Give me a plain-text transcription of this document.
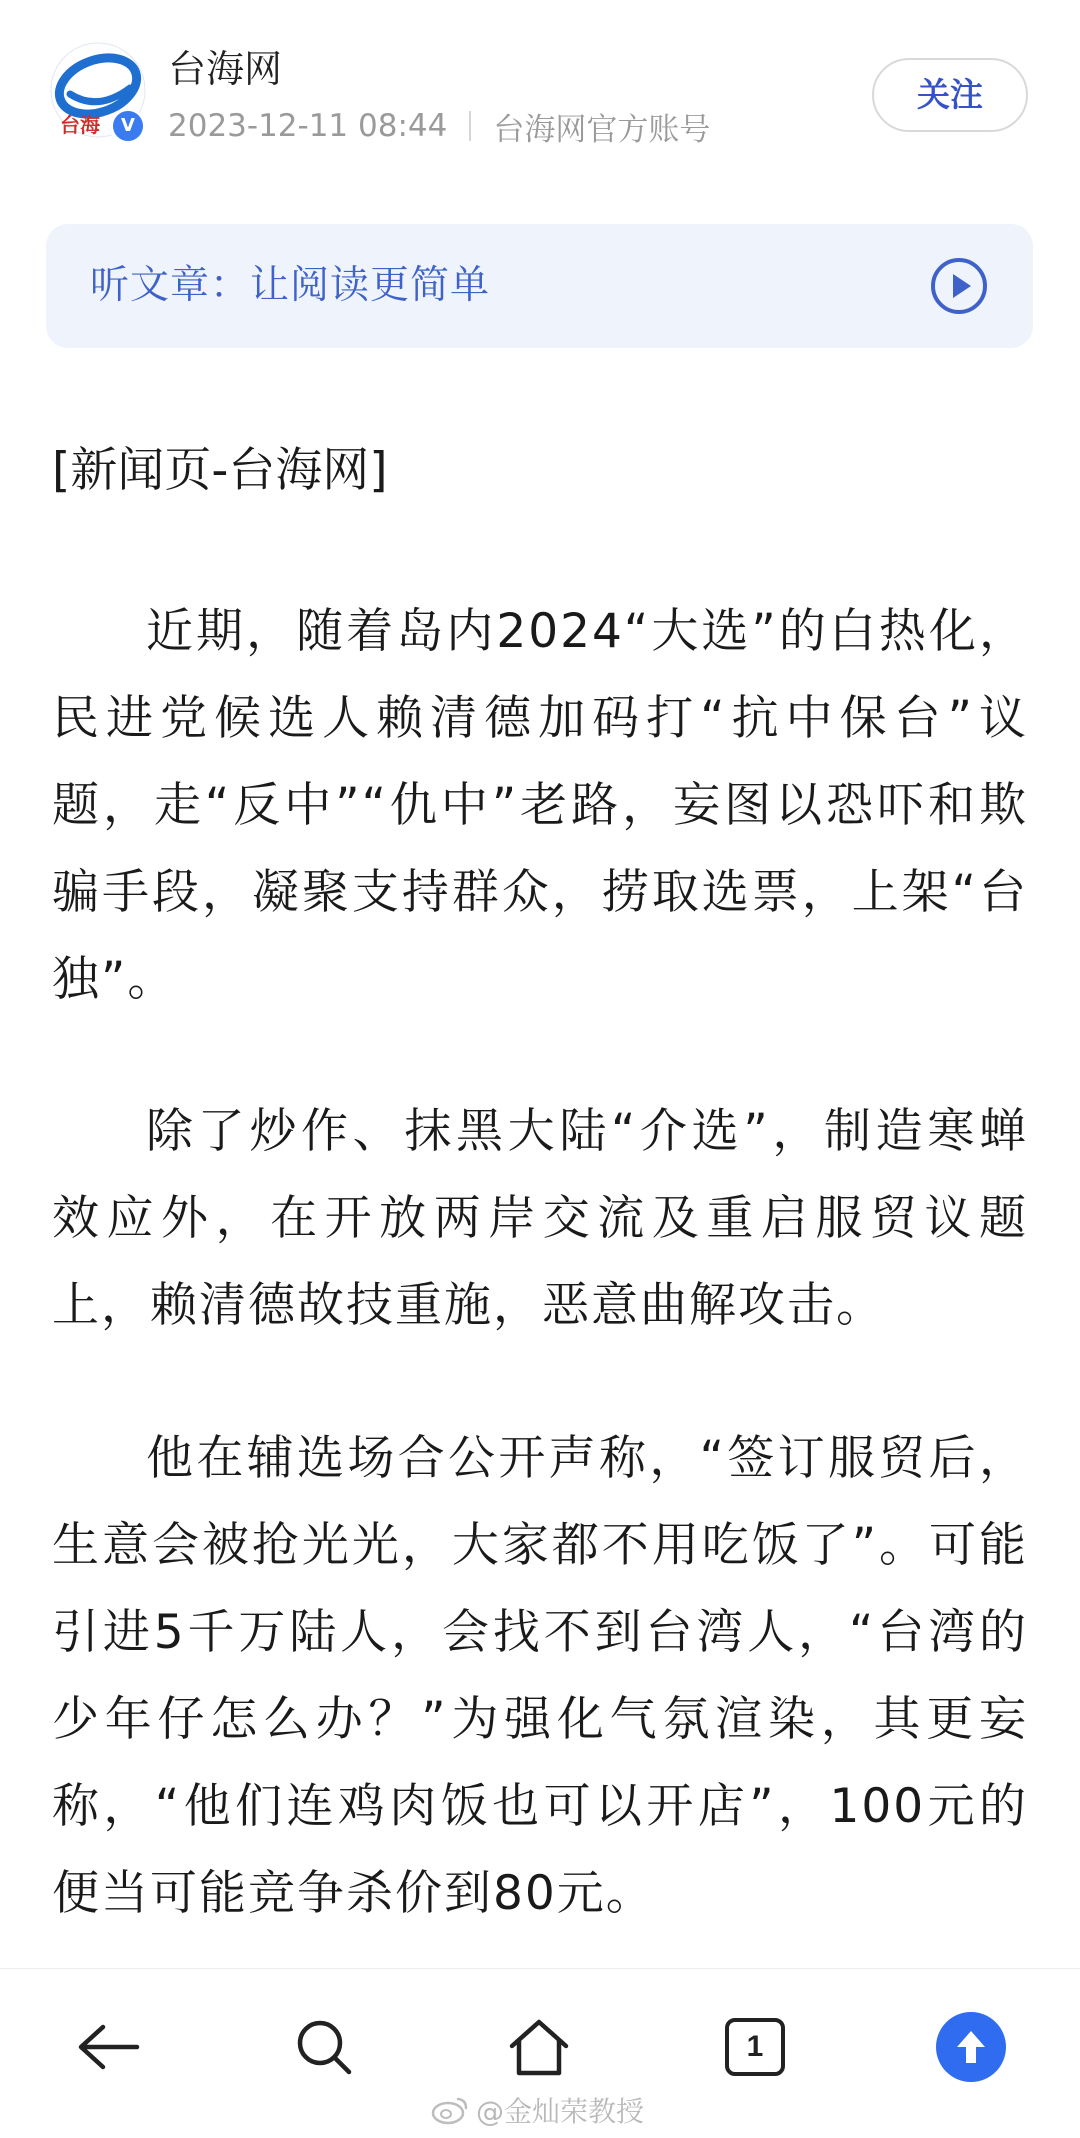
台海	V
台海网
2023-12-11 08:44 台海网官方账号
关注
听文章：让阅读更简单
[新闻页-台海网]

近期，随着岛内2024“大选”的白热化，民进党候选人赖清德加码打“抗中保台”议题，走“反中”“仇中”老路，妄图以恐吓和欺骗手段，凝聚支持群众，捞取选票，上架“台独”。

除了炒作、抹黑大陆“介选”，制造寒蝉效应外，在开放两岸交流及重启服贸议题上，赖清德故技重施，恶意曲解攻击。

他在辅选场合公开声称，“签订服贸后，生意会被抢光光，大家都不用吃饭了”。可能引进5千万陆人，会找不到台湾人，“台湾的少年仔怎么办？”为强化气氛渲染，其更妄称，“他们连鸡肉饭也可以开店”，100元的便当可能竞争杀价到80元。

1
@金灿荣教授
